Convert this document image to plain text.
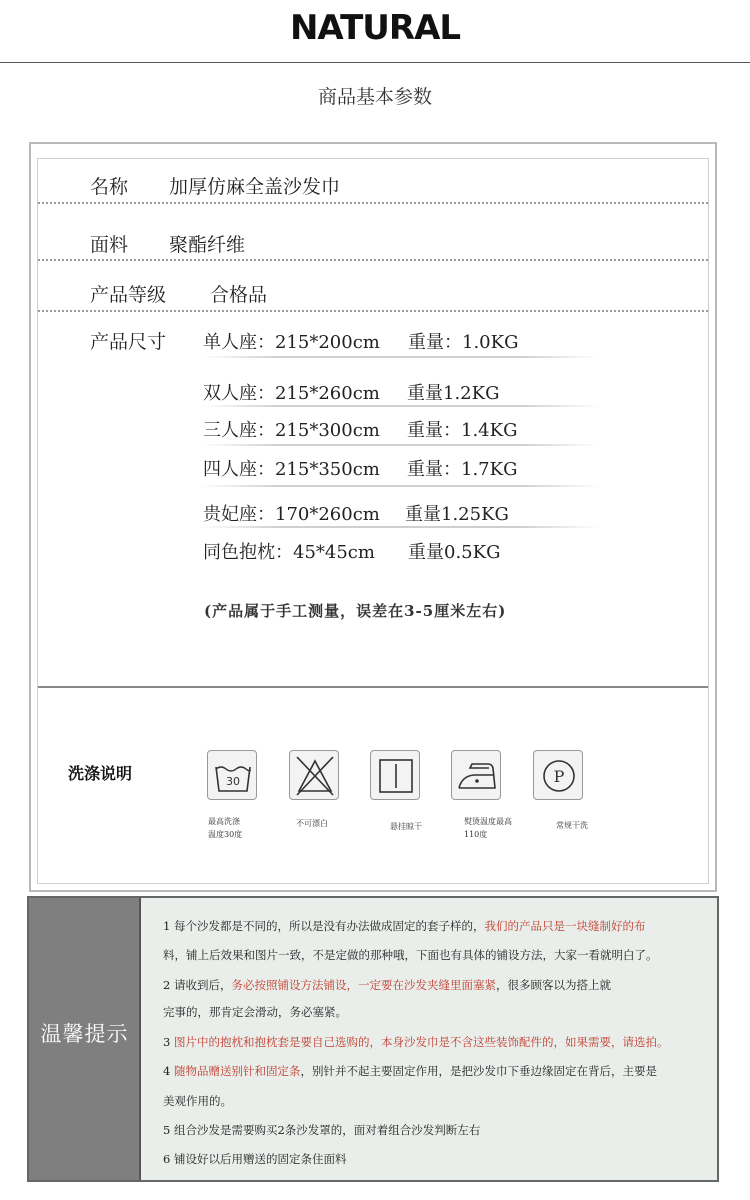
NATURAL
商品基本参数
名称 加厚仿麻全盖沙发巾
面料 聚酯纤维
产品等级 合格品
产品尺寸 单人座：215*200cm 重量：1.0KG
双人座：215*260cm 重量1.2KG
三人座：215*300cm 重量：1.4KG
四人座：215*350cm 重量：1.7KG
贵妃座：170*260cm 重量1.25KG
同色抱枕：45*45cm 重量0.5KG
(产品属于手工测量，误差在3-5厘米左右)
洗涤说明	30	P
最高洗涤
温度30度
不可漂白	悬挂晾干
熨烫温度最高
110度
常规干洗
温馨提示
1 每个沙发都是不同的，所以是没有办法做成固定的套子样的，我们的产品只是一块缝制好的布
料，铺上后效果和图片一致，不是定做的那种哦，下面也有具体的铺设方法，大家一看就明白了。
2 请收到后，务必按照铺设方法铺设，一定要在沙发夹缝里面塞紧，很多顾客以为搭上就
完事的，那肯定会滑动，务必塞紧。
3 图片中的抱枕和抱枕套是要自己选购的，本身沙发巾是不含这些装饰配件的，如果需要，请选拍。
4 随物品赠送别针和固定条，别针并不起主要固定作用，是把沙发巾下垂边缘固定在背后，主要是
美观作用的。
5 组合沙发是需要购买2条沙发罩的，面对着组合沙发判断左右
6 铺设好以后用赠送的固定条住面料
